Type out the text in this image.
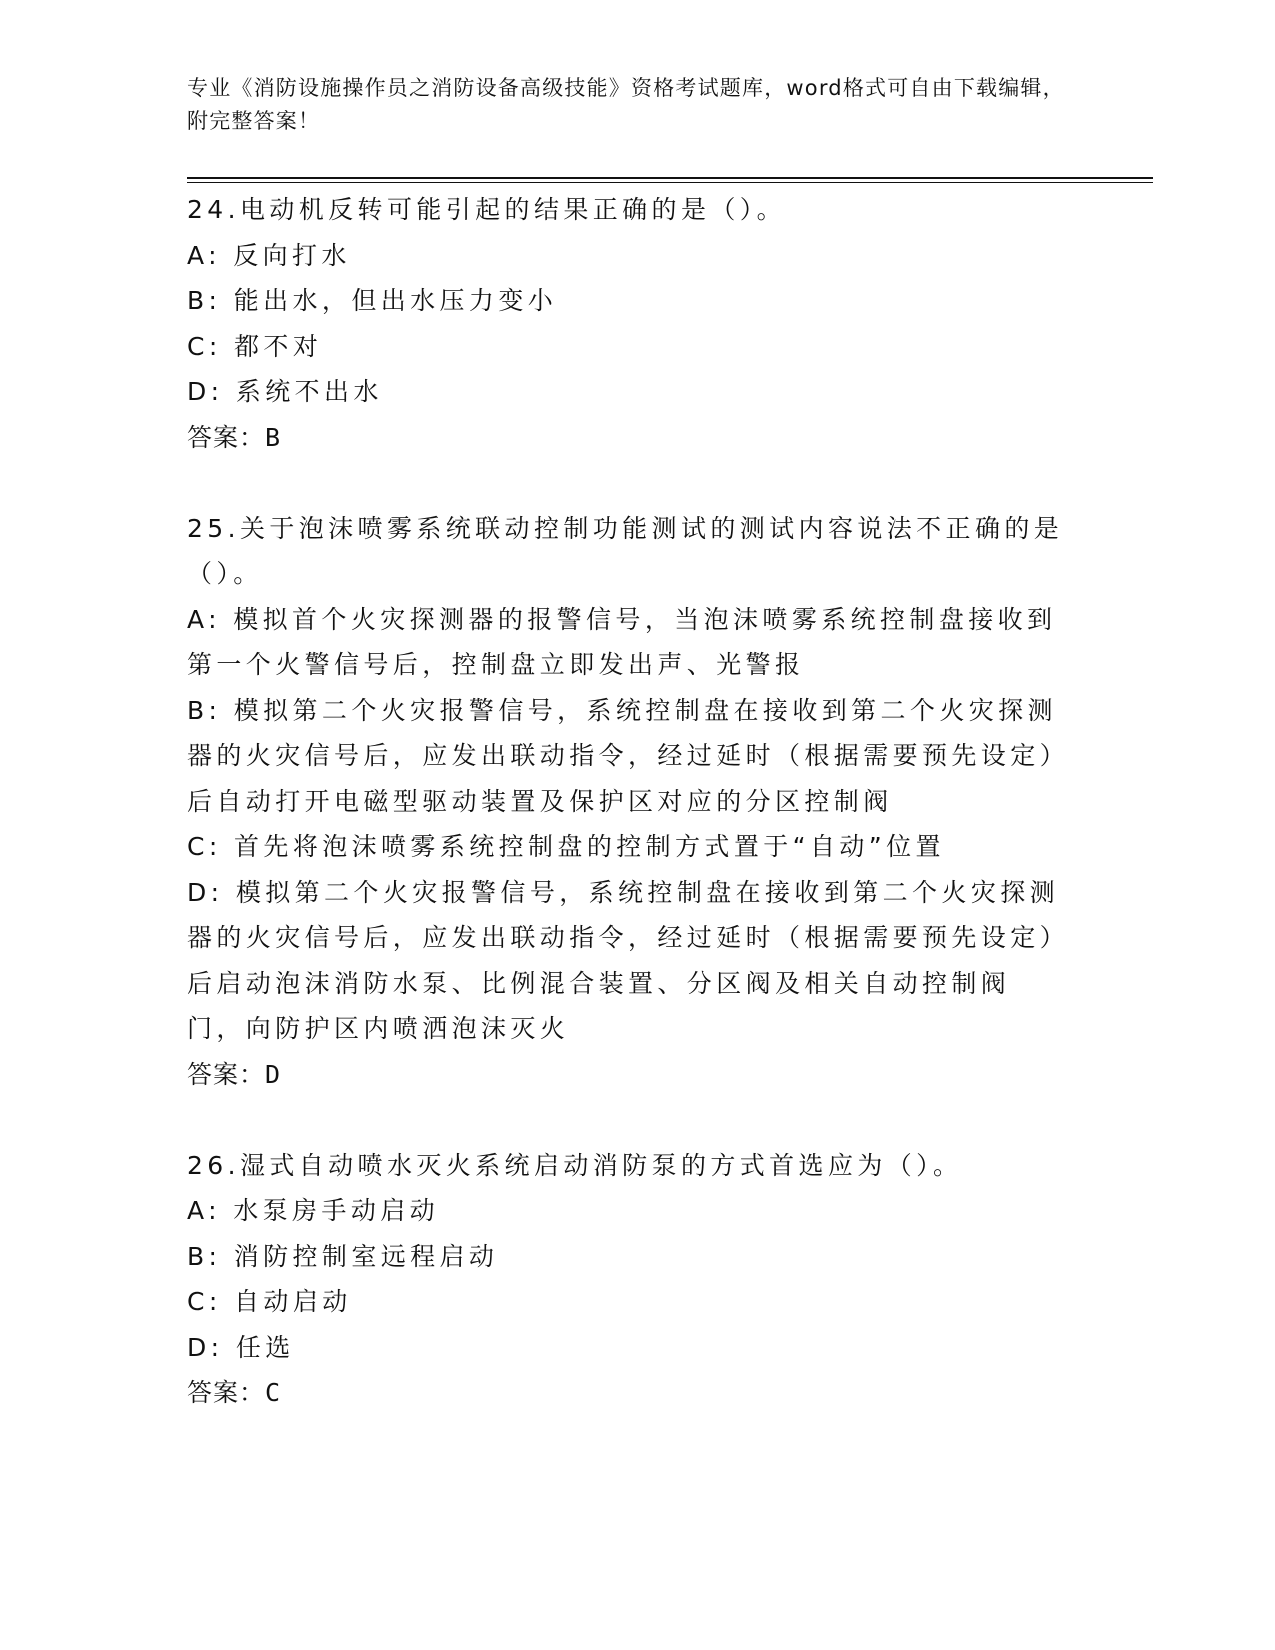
专业《消防设施操作员之消防设备高级技能》资格考试题库，word格式可自由下载编辑，附完整答案！
24.电动机反转可能引起的结果正确的是（）。
A: 反向打水
B: 能出水，但出水压力变小
C: 都不对
D: 系统不出水
答案：B
25.关于泡沫喷雾系统联动控制功能测试的测试内容说法不正确的是（）。
A: 模拟首个火灾探测器的报警信号，当泡沫喷雾系统控制盘接收到第一个火警信号后，控制盘立即发出声、光警报
B: 模拟第二个火灾报警信号，系统控制盘在接收到第二个火灾探测器的火灾信号后，应发出联动指令，经过延时（根据需要预先设定）后自动打开电磁型驱动装置及保护区对应的分区控制阀
C: 首先将泡沫喷雾系统控制盘的控制方式置于“自动”位置
D: 模拟第二个火灾报警信号，系统控制盘在接收到第二个火灾探测器的火灾信号后，应发出联动指令，经过延时（根据需要预先设定）后启动泡沫消防水泵、比例混合装置、分区阀及相关自动控制阀门，向防护区内喷洒泡沫灭火
答案：D
26.湿式自动喷水灭火系统启动消防泵的方式首选应为（）。
A: 水泵房手动启动
B: 消防控制室远程启动
C: 自动启动
D: 任选
答案：C
